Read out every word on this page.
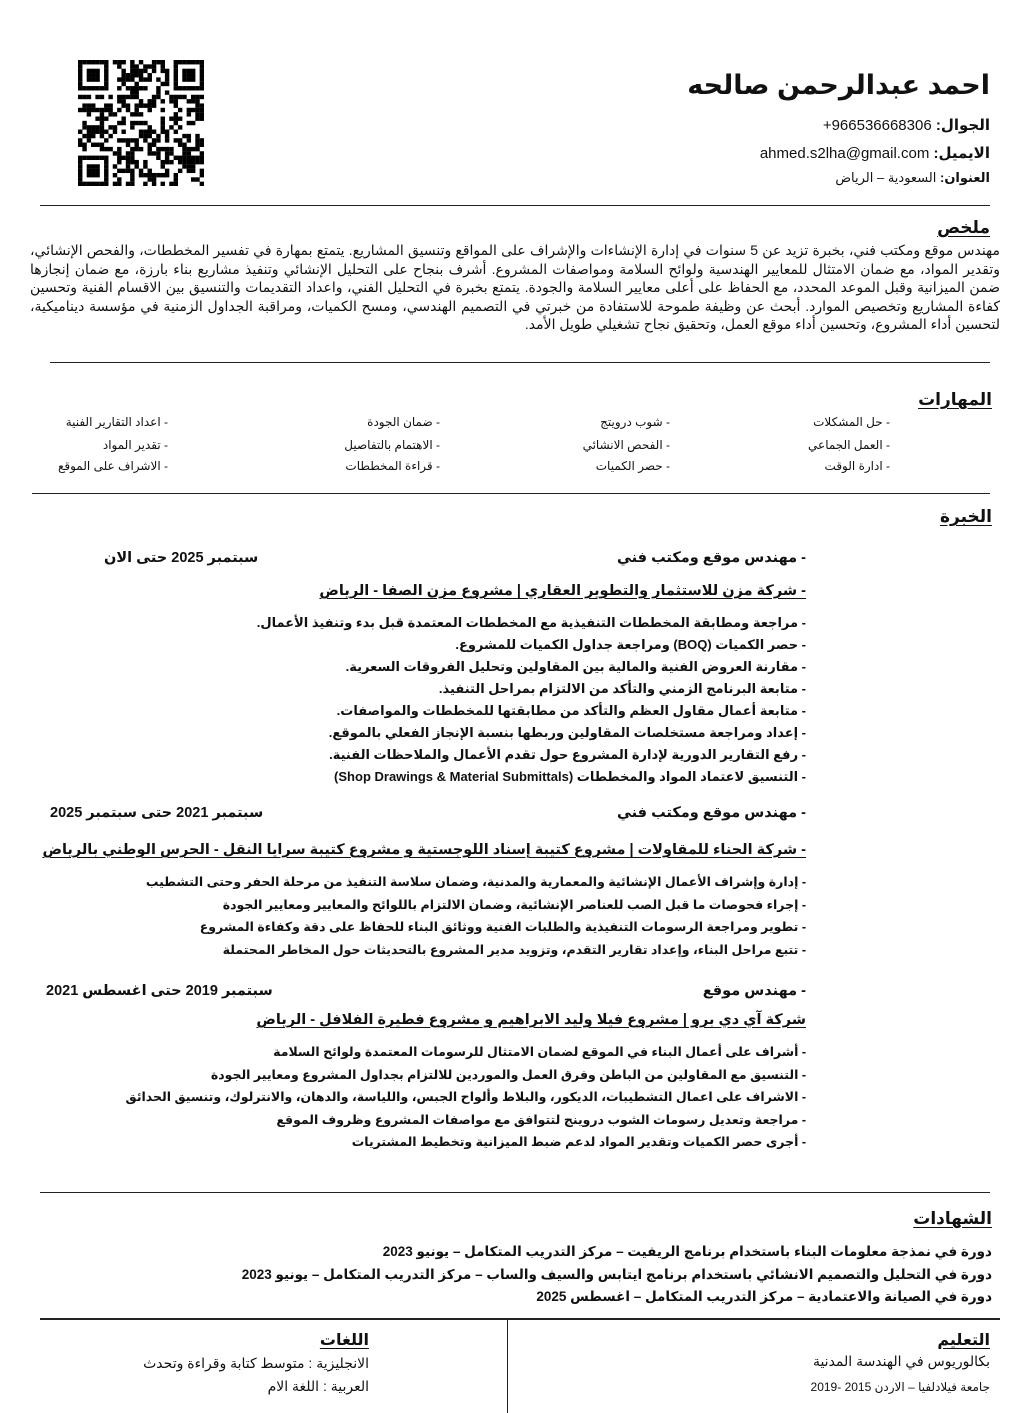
احمد عبدالرحمن صالحه
الجوال: +966536668306
الايميل: ahmed.s2lha@gmail.com
العنوان: السعودية – الرياض
ملخص
مهندس موقع ومكتب فني، بخبرة تزيد عن 5 سنوات في إدارة الإنشاءات والإشراف على المواقع وتنسيق المشاريع. يتمتع بمهارة في تفسير المخططات، والفحص الإنشائي، وتقدير المواد، مع ضمان الامتثال للمعايير الهندسية ولوائح السلامة ومواصفات المشروع. أشرف بنجاح على التحليل الإنشائي وتنفيذ مشاريع بناء بارزة، مع ضمان إنجازها ضمن الميزانية وقبل الموعد المحدد، مع الحفاظ على أعلى معايير السلامة والجودة. يتمتع بخبرة في التحليل الفني، واعداد التقديمات والتنسيق بين الاقسام الفنية وتحسين كفاءة المشاريع وتخصيص الموارد. أبحث عن وظيفة طموحة للاستفادة من خبرتي في التصميم الهندسي، ومسح الكميات، ومراقبة الجداول الزمنية في مؤسسة ديناميكية، لتحسين أداء المشروع، وتحسين أداء موقع العمل، وتحقيق نجاح تشغيلي طويل الأمد.
المهارات
- حل المشكلات
- العمل الجماعي
- ادارة الوقت
- شوب درويتج
- الفحص الانشائي
- حصر الكميات
- ضمان الجودة
- الاهتمام بالتفاصيل
- قراءة المخططات
- اعداد التقارير الفنية
- تقدير المواد
- الاشراف على الموقع
الخبرة
- مهندس موقع ومكتب فني
سبتمبر 2025 حتى الان
- شركة مزن للاستثمار والتطوير العقاري | مشروع مزن الصفا - الرياض
- مراجعة ومطابقة المخططات التنفيذية مع المخططات المعتمدة قبل بدء وتنفيذ الأعمال.
- حصر الكميات (BOQ) ومراجعة جداول الكميات للمشروع.
- مقارنة العروض الفنية والمالية بين المقاولين وتحليل الفروقات السعرية.
- متابعة البرنامج الزمني والتأكد من الالتزام بمراحل التنفيذ.
- متابعة أعمال مقاول العظم والتأكد من مطابقتها للمخططات والمواصفات.
- إعداد ومراجعة مستخلصات المقاولين وربطها بنسبة الإنجاز الفعلي بالموقع.
- رفع التقارير الدورية لإدارة المشروع حول تقدم الأعمال والملاحظات الفنية.
- التنسيق لاعتماد المواد والمخططات (Shop Drawings & Material Submittals)
- مهندس موقع ومكتب فني
سبتمبر 2021 حتى سبتمبر 2025
- شركة الحناء للمقاولات | مشروع كتيبة إسناد اللوجستية و مشروع كتيبة سرايا النقل - الحرس الوطني بالرياض
- إدارة وإشراف الأعمال الإنشائية والمعمارية والمدنية، وضمان سلاسة التنفيذ من مرحلة الحفر وحتى التشطيب
- إجراء فحوصات ما قبل الصب للعناصر الإنشائية، وضمان الالتزام باللوائح والمعايير ومعايير الجودة
- تطوير ومراجعة الرسومات التنفيذية والطلبات الفنية ووثائق البناء للحفاظ على دقة وكفاءة المشروع
- تتبع مراحل البناء، وإعداد تقارير التقدم، وتزويد مدير المشروع بالتحديثات حول المخاطر المحتملة
- مهندس موقع
سبتمبر 2019 حتى اغسطس 2021
شركة آي دي برو | مشروع فيلا وليد الابراهيم و مشروع فطيرة الفلافل - الرياض
- أشراف على أعمال البناء في الموقع لضمان الامتثال للرسومات المعتمدة ولوائح السلامة
- التنسيق مع المقاولين من الباطن وفرق العمل والموردين للالتزام بجداول المشروع ومعايير الجودة
- الاشراف على اعمال التشطيبات، الديكور، والبلاط وألواح الجبس، واللياسة، والدهان، والانترلوك، وتنسيق الحدائق
- مراجعة وتعديل رسومات الشوب دروينج لتتوافق مع مواصفات المشروع وظروف الموقع
- أجرى حصر الكميات وتقدير المواد لدعم ضبط الميزانية وتخطيط المشتريات
الشهادات
دورة في نمذجة معلومات البناء باستخدام برنامج الريفيت – مركز التدريب المتكامل – يونيو 2023
دورة في التحليل والتصميم الانشائي باستخدام برنامج ايتابس والسيف والساب – مركز التدريب المتكامل – يونيو 2023
دورة في الصيانة والاعتمادية – مركز التدريب المتكامل – اغسطس 2025
التعليم
بكالوريوس في الهندسة المدنية
جامعة فيلادلفيا – الاردن 2015 -2019
اللغات
الانجليزية : متوسط كتابة وقراءة وتحدث
العربية : اللغة الام
